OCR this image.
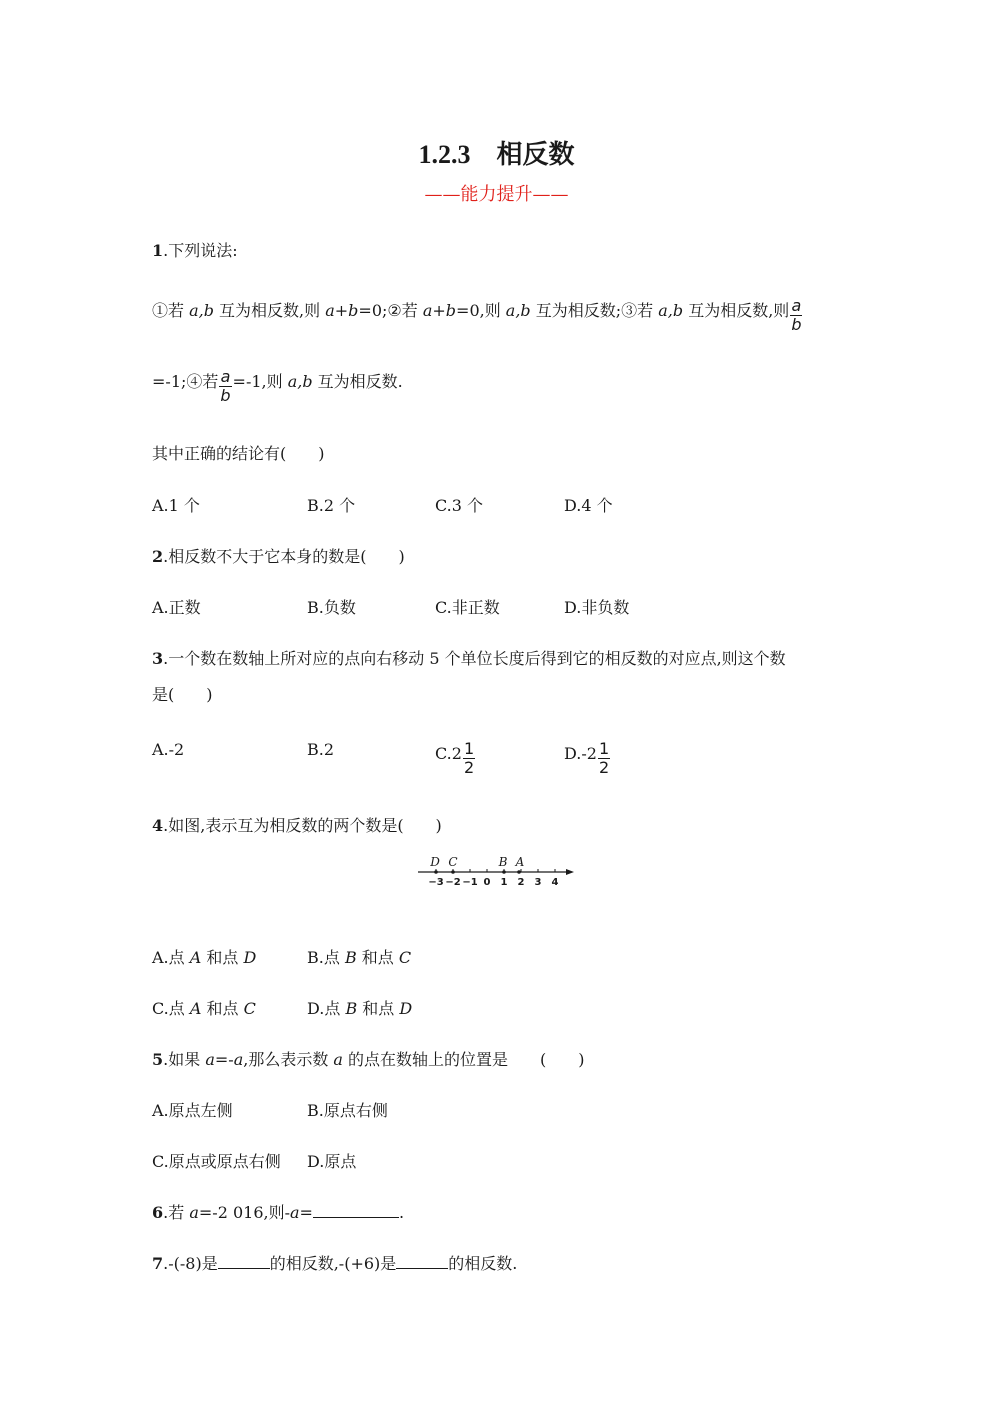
1.2.3　相反数
——能力提升——
1.下列说法:
①若 a,b 互为相反数,则 a+b=0;②若 a+b=0,则 a,b 互为相反数;③若 a,b 互为相反数,则 $\frac{a}{b}$
=-1;④若 $\frac{a}{b} =-1$,则 a,b 互为相反数.
其中正确的结论有(　　)
A.1 个	B.2 个	C.3 个	D.4 个
2.相反数不大于它本身的数是(　　)
A.正数	B.负数	C.非正数	D.非负数
3.一个数在数轴上所对应的点向右移动 5 个单位长度后得到它的相反数的对应点,则这个数
是(　　)
A.-2	B.2	$C.2 \frac{1}{2}$	$D.-2 \frac{1}{2}$
4.如图,表示互为相反数的两个数是(　　)
−3 −2 −1 0 1 2 3 4
D C	B A
A.点 A 和点 D	B.点 B 和点 C
C.点 A 和点 C	D.点 B 和点 D
5.如果 a=-a,那么表示数 a 的点在数轴上的位置是　　(　　)
A.原点左侧	B.原点右侧
C.原点或原点右侧 D.原点
6.若 a=-2 016,则-a=	.
7.-(-8)是	的相反数,-(+6)是	的相反数.
